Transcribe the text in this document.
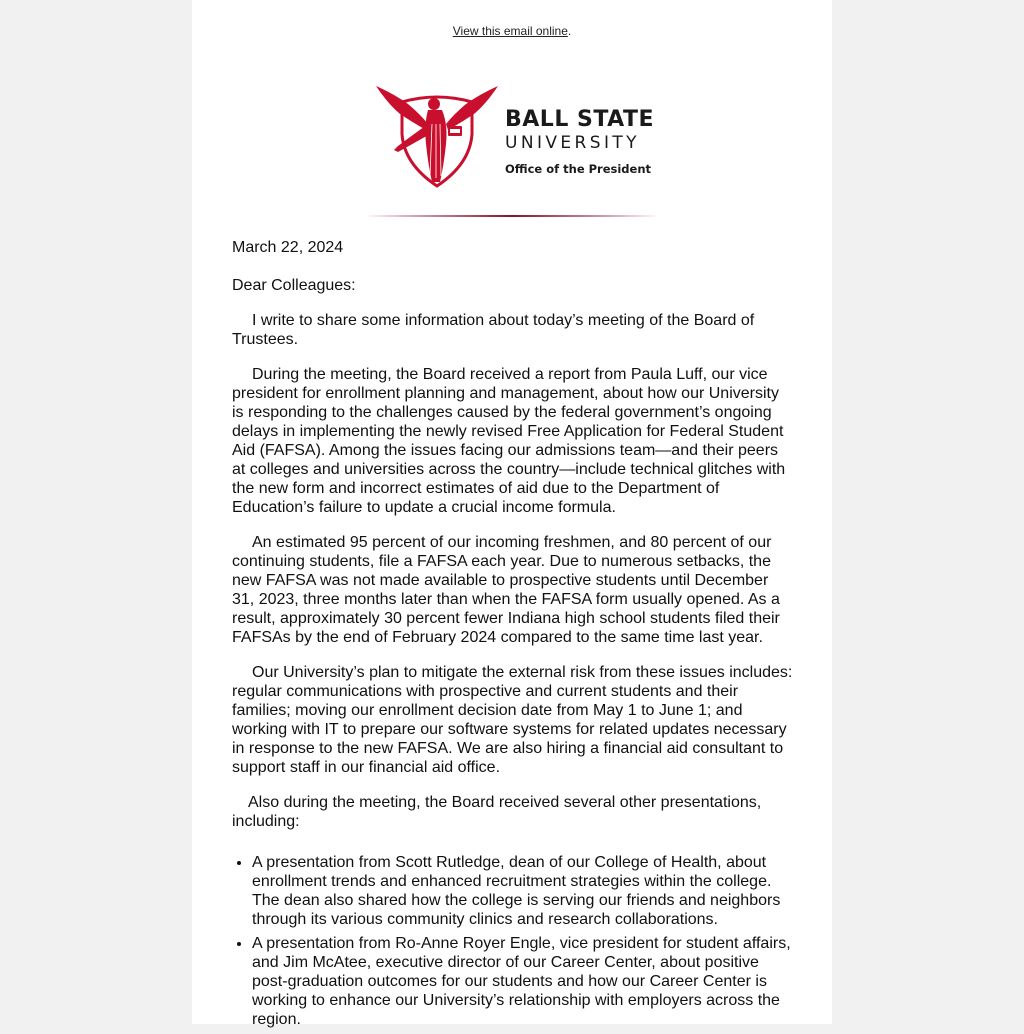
View this email online.
BALL STATE
UNIVERSITY
Office of the President

March 22, 2024

Dear Colleagues:

I write to share some information about today’s meeting of the Board of Trustees.

During the meeting, the Board received a report from Paula Luff, our vice president for enrollment planning and management, about how our University is responding to the challenges caused by the federal government’s ongoing delays in implementing the newly revised Free Application for Federal Student Aid (FAFSA). Among the issues facing our admissions team—and their peers at colleges and universities across the country—include technical glitches with the new form and incorrect estimates of aid due to the Department of Education’s failure to update a crucial income formula.

An estimated 95 percent of our incoming freshmen, and 80 percent of our continuing students, file a FAFSA each year. Due to numerous setbacks, the new FAFSA was not made available to prospective students until December 31, 2023, three months later than when the FAFSA form usually opened. As a result, approximately 30 percent fewer Indiana high school students filed their FAFSAs by the end of February 2024 compared to the same time last year.

Our University’s plan to mitigate the external risk from these issues includes: regular communications with prospective and current students and their families; moving our enrollment decision date from May 1 to June 1; and working with IT to prepare our software systems for related updates necessary in response to the new FAFSA. We are also hiring a financial aid consultant to support staff in our financial aid office.

Also during the meeting, the Board received several other presentations, including:

• A presentation from Scott Rutledge, dean of our College of Health, about enrollment trends and enhanced recruitment strategies within the college. The dean also shared how the college is serving our friends and neighbors through its various community clinics and research collaborations.
• A presentation from Ro-Anne Royer Engle, vice president for student affairs, and Jim McAtee, executive director of our Career Center, about positive post-graduation outcomes for our students and how our Career Center is working to enhance our University’s relationship with employers across the region.
